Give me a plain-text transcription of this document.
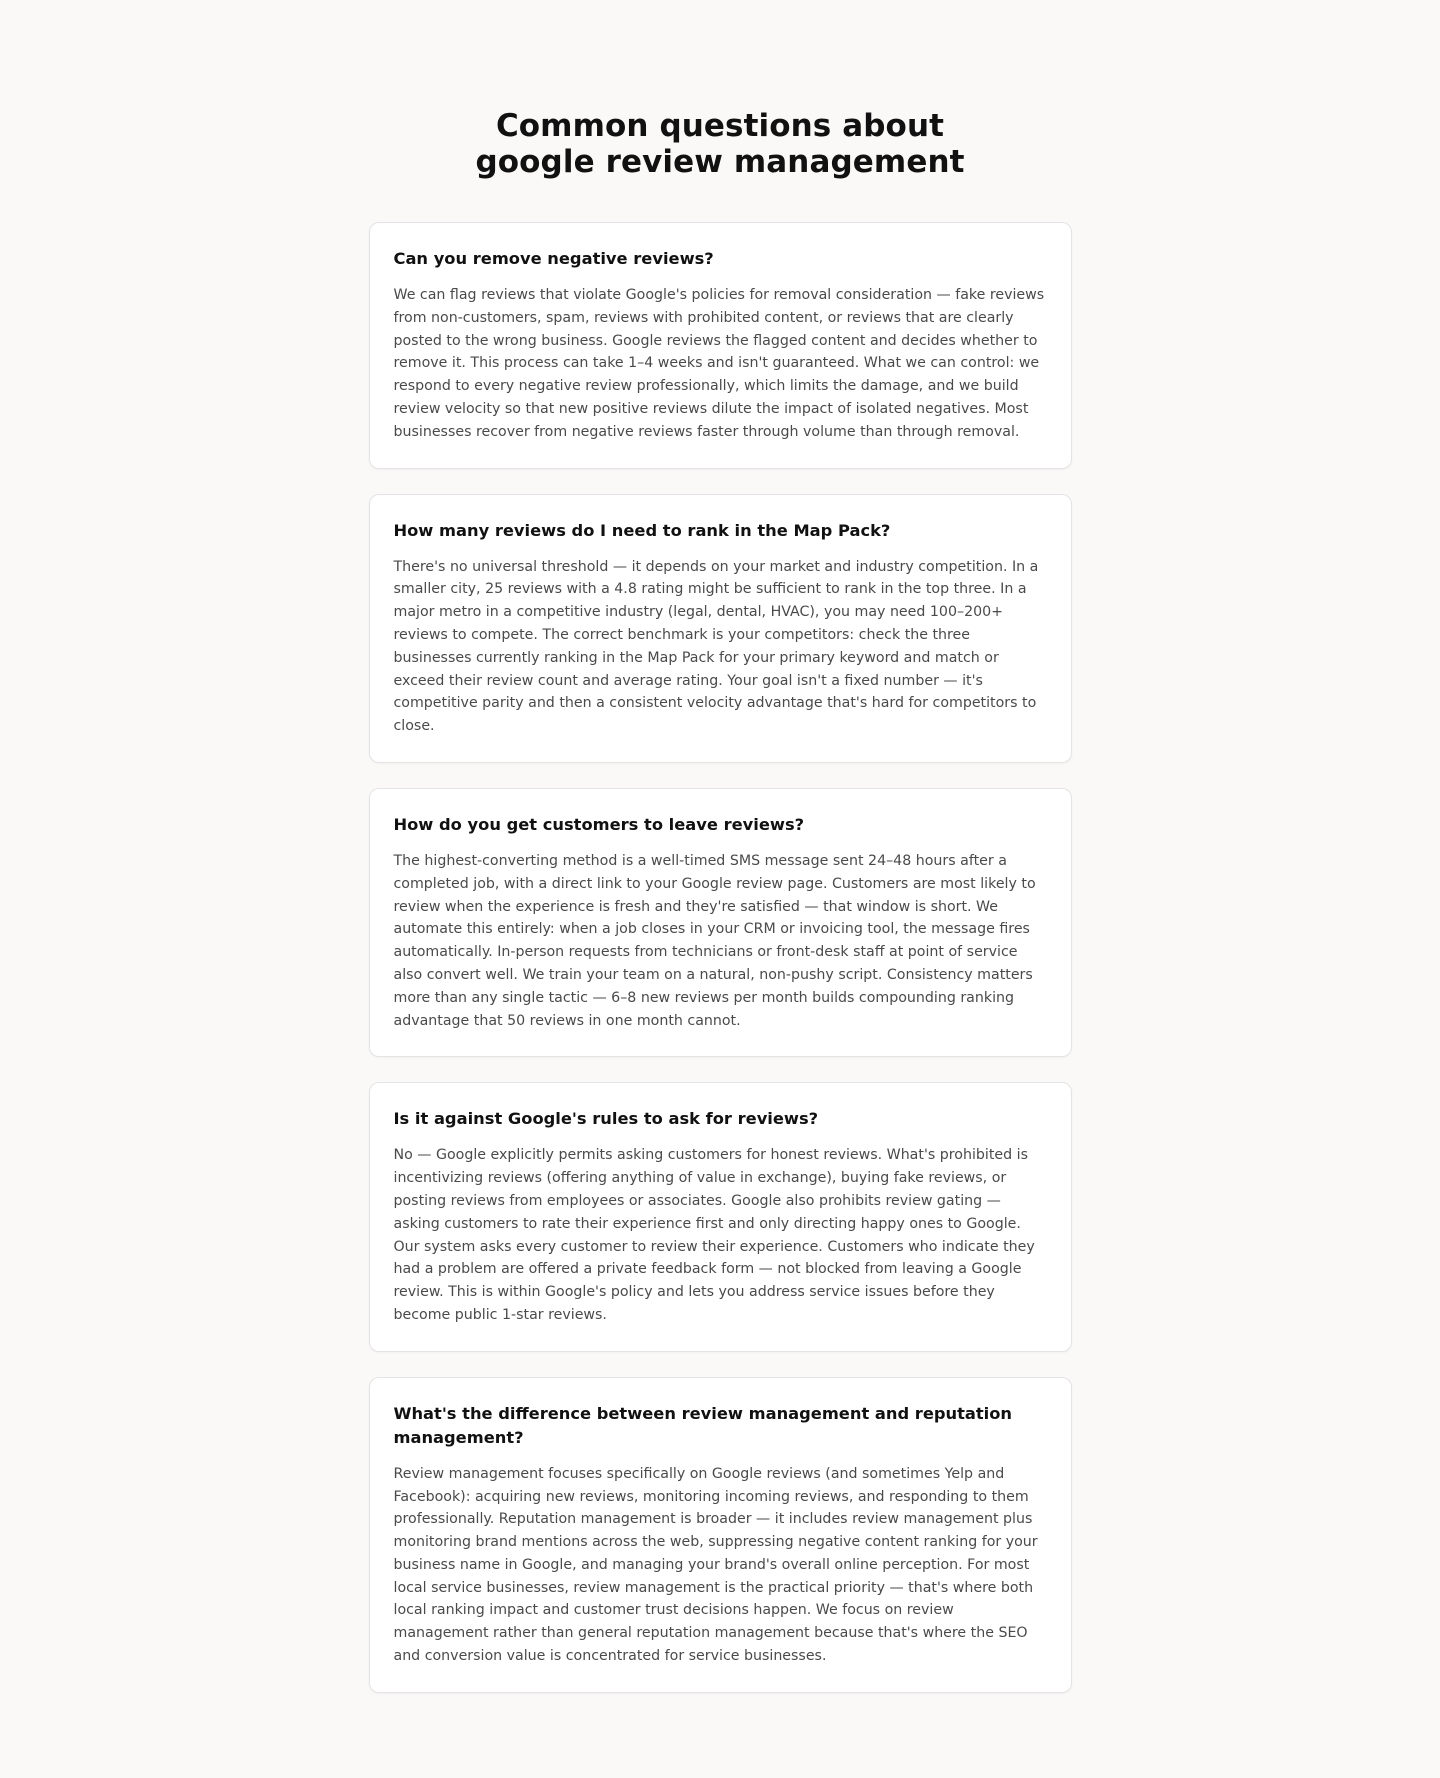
Common questions about
google review management
Can you remove negative reviews?

We can flag reviews that violate Google's policies for removal consideration — fake reviews from non-customers, spam, reviews with prohibited content, or reviews that are clearly posted to the wrong business. Google reviews the flagged content and decides whether to remove it. This process can take 1–4 weeks and isn't guaranteed. What we can control: we respond to every negative review professionally, which limits the damage, and we build review velocity so that new positive reviews dilute the impact of isolated negatives. Most businesses recover from negative reviews faster through volume than through removal.

How many reviews do I need to rank in the Map Pack?

There's no universal threshold — it depends on your market and industry competition. In a smaller city, 25 reviews with a 4.8 rating might be sufficient to rank in the top three. In a major metro in a competitive industry (legal, dental, HVAC), you may need 100–200+ reviews to compete. The correct benchmark is your competitors: check the three businesses currently ranking in the Map Pack for your primary keyword and match or exceed their review count and average rating. Your goal isn't a fixed number — it's competitive parity and then a consistent velocity advantage that's hard for competitors to close.

How do you get customers to leave reviews?

The highest-converting method is a well-timed SMS message sent 24–48 hours after a completed job, with a direct link to your Google review page. Customers are most likely to review when the experience is fresh and they're satisfied — that window is short. We automate this entirely: when a job closes in your CRM or invoicing tool, the message fires automatically. In-person requests from technicians or front-desk staff at point of service also convert well. We train your team on a natural, non-pushy script. Consistency matters more than any single tactic — 6–8 new reviews per month builds compounding ranking advantage that 50 reviews in one month cannot.

Is it against Google's rules to ask for reviews?

No — Google explicitly permits asking customers for honest reviews. What's prohibited is incentivizing reviews (offering anything of value in exchange), buying fake reviews, or posting reviews from employees or associates. Google also prohibits review gating — asking customers to rate their experience first and only directing happy ones to Google. Our system asks every customer to review their experience. Customers who indicate they had a problem are offered a private feedback form — not blocked from leaving a Google review. This is within Google's policy and lets you address service issues before they become public 1-star reviews.

What's the difference between review management and reputation management?

Review management focuses specifically on Google reviews (and sometimes Yelp and Facebook): acquiring new reviews, monitoring incoming reviews, and responding to them professionally. Reputation management is broader — it includes review management plus monitoring brand mentions across the web, suppressing negative content ranking for your business name in Google, and managing your brand's overall online perception. For most local service businesses, review management is the practical priority — that's where both local ranking impact and customer trust decisions happen. We focus on review management rather than general reputation management because that's where the SEO and conversion value is concentrated for service businesses.
